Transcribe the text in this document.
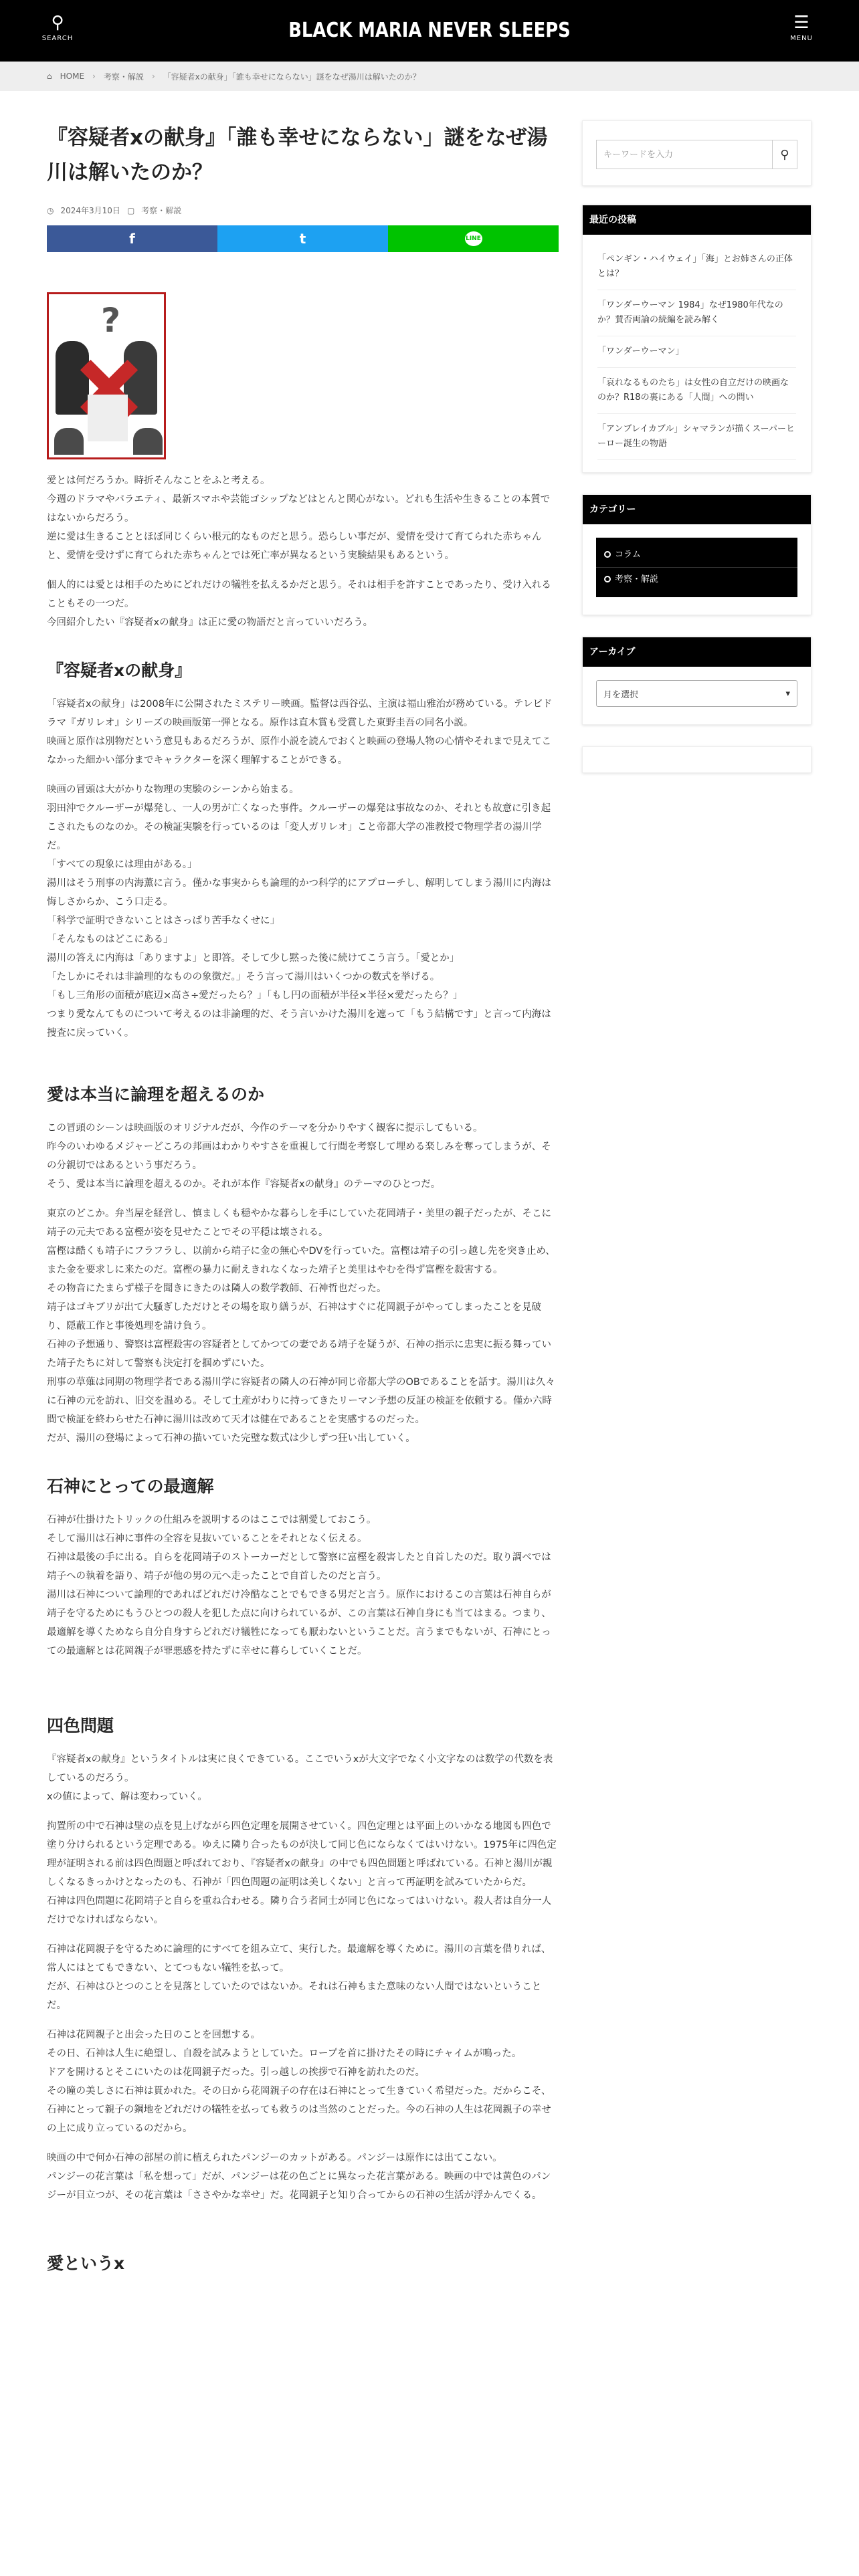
⚲
SEARCH	BLACK MARIA NEVER SLEEPS	☰
MENU
⌂ HOME › 考察・解説 › 「容疑者xの献身」「誰も幸せにならない」謎をなぜ湯川は解いたのか？
『容疑者xの献身』「誰も幸せにならない」謎をなぜ湯川は解いたのか？
◷ 2024年3月10日 ▢ 考察・解説
f	t	LINE
?

愛とは何だろうか。時折そんなことをふと考える。

今週のドラマやバラエティ、最新スマホや芸能ゴシップなどはとんと関心がない。どれも生活や生きることの本質ではないからだろう。

逆に愛は生きることとほぼ同じくらい根元的なものだと思う。恐らしい事だが、愛情を受けて育てられた赤ちゃんと、愛情を受けずに育てられた赤ちゃんとでは死亡率が異なるという実験結果もあるという。

個人的には愛とは相手のためにどれだけの犠牲を払えるかだと思う。それは相手を許すことであったり、受け入れることもその一つだ。

今回紹介したい『容疑者xの献身』は正に愛の物語だと言っていいだろう。

『容疑者xの献身』

「容疑者xの献身」は2008年に公開されたミステリー映画。監督は西谷弘、主演は福山雅治が務めている。テレビドラマ『ガリレオ』シリーズの映画版第一弾となる。原作は直木賞も受賞した東野圭吾の同名小説。

映画と原作は別物だという意見もあるだろうが、原作小説を読んでおくと映画の登場人物の心情やそれまで見えてこなかった細かい部分までキャラクターを深く理解することができる。

映画の冒頭は大がかりな物理の実験のシーンから始まる。

羽田沖でクルーザーが爆発し、一人の男が亡くなった事件。クルーザーの爆発は事故なのか、それとも故意に引き起こされたものなのか。その検証実験を行っているのは「変人ガリレオ」こと帝都大学の准教授で物理学者の湯川学だ。

「すべての現象には理由がある。」

湯川はそう刑事の内海薫に言う。僅かな事実からも論理的かつ科学的にアプローチし、解明してしまう湯川に内海は悔しさからか、こう口走る。

「科学で証明できないことはさっぱり苦手なくせに」

「そんなものはどこにある」

湯川の答えに内海は「ありますよ」と即答。そして少し黙った後に続けてこう言う。「愛とか」

「たしかにそれは非論理的なものの象徴だ。」そう言って湯川はいくつかの数式を挙げる。

「もし三角形の面積が底辺×高さ÷愛だったら？」「もし円の面積が半径×半径×愛だったら？」

つまり愛なんてものについて考えるのは非論理的だ、そう言いかけた湯川を遮って「もう結構です」と言って内海は捜査に戻っていく。

愛は本当に論理を超えるのか

この冒頭のシーンは映画版のオリジナルだが、今作のテーマを分かりやすく観客に提示してもいる。

昨今のいわゆるメジャーどころの邦画はわかりやすさを重視して行間を考察して埋める楽しみを奪ってしまうが、その分親切ではあるという事だろう。

そう、愛は本当に論理を超えるのか。それが本作『容疑者xの献身』のテーマのひとつだ。

東京のどこか。弁当屋を経営し、慎ましくも穏やかな暮らしを手にしていた花岡靖子・美里の親子だったが、そこに靖子の元夫である富樫が姿を見せたことでその平穏は壊される。

富樫は酷くも靖子にフラフラし、以前から靖子に金の無心やDVを行っていた。富樫は靖子の引っ越し先を突き止め、また金を要求しに来たのだ。富樫の暴力に耐えきれなくなった靖子と美里はやむを得ず富樫を殺害する。

その物音にたまらず様子を聞きにきたのは隣人の数学教師、石神哲也だった。

靖子はゴキブリが出て大騒ぎしただけとその場を取り繕うが、石神はすぐに花岡親子がやってしまったことを見破り、隠蔽工作と事後処理を請け負う。

石神の予想通り、警察は富樫殺害の容疑者としてかつての妻である靖子を疑うが、石神の指示に忠実に振る舞っていた靖子たちに対して警察も決定打を掴めずにいた。

刑事の草薙は同期の物理学者である湯川学に容疑者の隣人の石神が同じ帝都大学のOBであることを話す。湯川は久々に石神の元を訪れ、旧交を温める。そして土産がわりに持ってきたリーマン予想の反証の検証を依頼する。僅か六時間で検証を終わらせた石神に湯川は改めて天才は健在であることを実感するのだった。

だが、湯川の登場によって石神の描いていた完璧な数式は少しずつ狂い出していく。

石神にとっての最適解

石神が仕掛けたトリックの仕組みを説明するのはここでは割愛しておこう。

そして湯川は石神に事件の全容を見抜いていることをそれとなく伝える。

石神は最後の手に出る。自らを花岡靖子のストーカーだとして警察に富樫を殺害したと自首したのだ。取り調べでは靖子への執着を語り、靖子が他の男の元へ走ったことで自首したのだと言う。

湯川は石神について論理的であればどれだけ冷酷なことでもできる男だと言う。原作におけるこの言葉は石神自らが靖子を守るためにもうひとつの殺人を犯した点に向けられているが、この言葉は石神自身にも当てはまる。つまり、最適解を導くためなら自分自身すらどれだけ犠牲になっても厭わないということだ。言うまでもないが、石神にとっての最適解とは花岡親子が罪悪感を持たずに幸せに暮らしていくことだ。

四色問題

『容疑者xの献身』というタイトルは実に良くできている。ここでいうxが大文字でなく小文字なのは数学の代数を表しているのだろう。

xの値によって、解は変わっていく。

拘置所の中で石神は壁の点を見上げながら四色定理を展開させていく。四色定理とは平面上のいかなる地図も四色で塗り分けられるという定理である。ゆえに隣り合ったものが決して同じ色にならなくてはいけない。1975年に四色定理が証明される前は四色問題と呼ばれており、『容疑者xの献身』の中でも四色問題と呼ばれている。石神と湯川が親しくなるきっかけとなったのも、石神が「四色問題の証明は美しくない」と言って再証明を試みていたからだ。

石神は四色問題に花岡靖子と自らを重ね合わせる。隣り合う者同士が同じ色になってはいけない。殺人者は自分一人だけでなければならない。

石神は花岡親子を守るために論理的にすべてを組み立て、実行した。最適解を導くために。湯川の言葉を借りれば、常人にはとてもできない、とてつもない犠牲を払って。

だが、石神はひとつのことを見落としていたのではないか。それは石神もまた意味のない人間ではないということだ。

石神は花岡親子と出会った日のことを回想する。

その日、石神は人生に絶望し、自殺を試みようとしていた。ロープを首に掛けたその時にチャイムが鳴った。

ドアを開けるとそこにいたのは花岡親子だった。引っ越しの挨拶で石神を訪れたのだ。

その瞳の美しさに石神は貫かれた。その日から花岡親子の存在は石神にとって生きていく希望だった。だからこそ、石神にとって親子の鋼地をどれだけの犠牲を払っても救うのは当然のことだった。今の石神の人生は花岡親子の幸せの上に成り立っているのだから。

映画の中で何か石神の部屋の前に植えられたパンジーのカットがある。パンジーは原作には出てこない。

パンジーの花言葉は「私を想って」だが、パンジーは花の色ごとに異なった花言葉がある。映画の中では黄色のパンジーが目立つが、その花言葉は「ささやかな幸せ」だ。花岡親子と知り合ってからの石神の生活が浮かんでくる。

愛というx
キーワードを入力
⚲
最近の投稿
「ペンギン・ハイウェイ」「海」とお姉さんの正体とは？
「ワンダーウーマン 1984」なぜ1980年代なのか？賛否両論の続編を読み解く
「ワンダーウーマン」
「哀れなるものたち」は女性の自立だけの映画なのか？R18の裏にある「人間」への問い
「アンブレイカブル」シャマランが描くスーパーヒーロー誕生の物語
カテゴリー
コラム
考察・解説
アーカイブ
月を選択	▾
